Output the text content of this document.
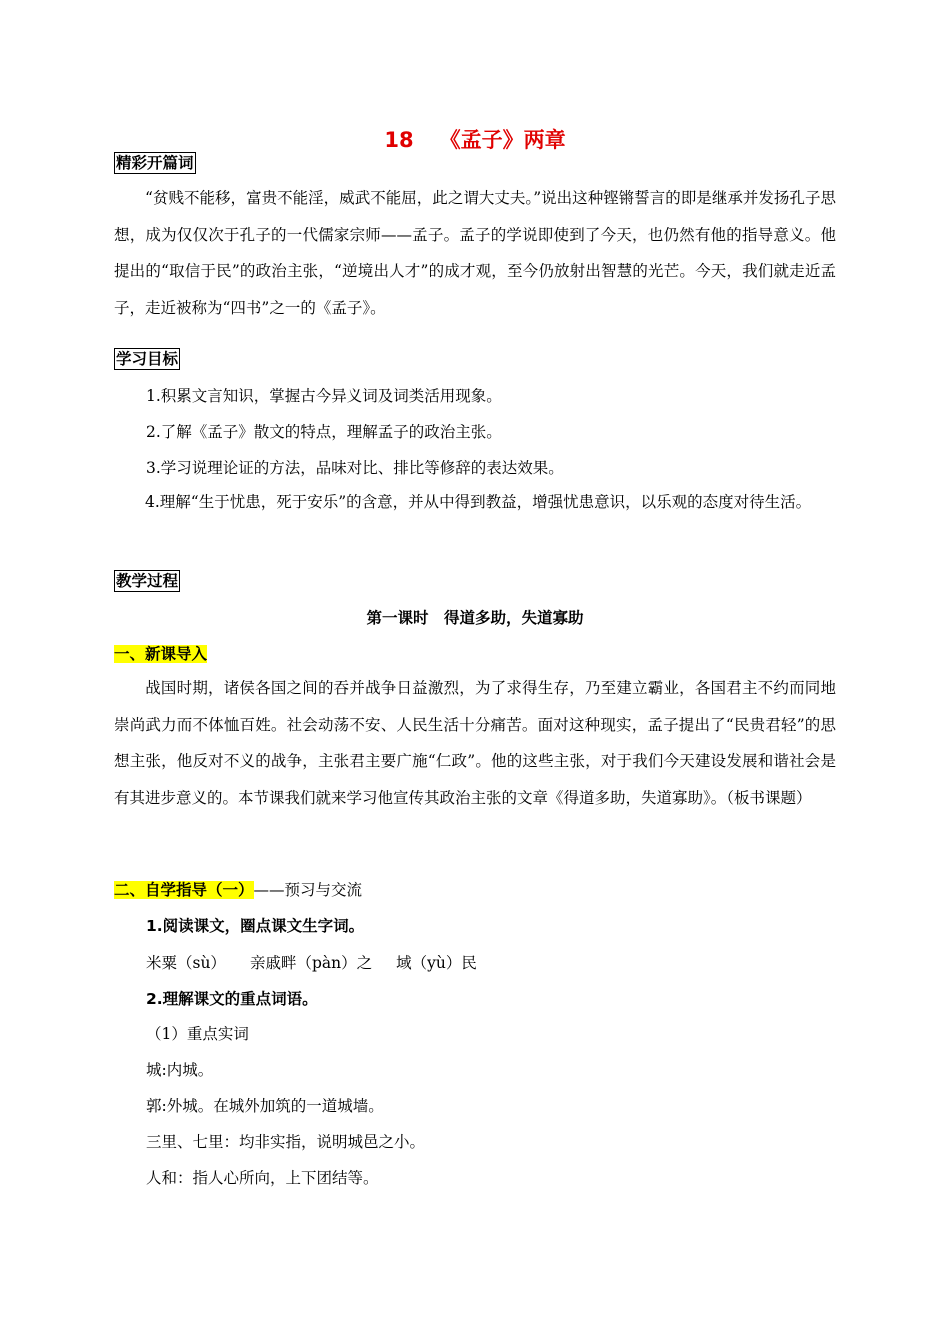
18 《孟子》两章
精彩开篇词

“贫贱不能移，富贵不能淫，威武不能屈，此之谓大丈夫。”说出这种铿锵誓言的即是继承并发扬孔子思想，成为仅仅次于孔子的一代儒家宗师——孟子。孟子的学说即使到了今天，也仍然有他的指导意义。他提出的“取信于民”的政治主张，“逆境出人才”的成才观，至今仍放射出智慧的光芒。今天，我们就走近孟子，走近被称为“四书”之一的《孟子》。

学习目标
1.积累文言知识，掌握古今异义词及词类活用现象。
2.了解《孟子》散文的特点，理解孟子的政治主张。
3.学习说理论证的方法，品味对比、排比等修辞的表达效果。

4.理解“生于忧患，死于安乐”的含意，并从中得到教益，增强忧患意识，以乐观的态度对待生活。

教学过程
第一课时　得道多助，失道寡助
一、新课导入

战国时期，诸侯各国之间的吞并战争日益激烈，为了求得生存，乃至建立霸业，各国君主不约而同地崇尚武力而不体恤百姓。社会动荡不安、人民生活十分痛苦。面对这种现实，孟子提出了“民贵君轻”的思想主张，他反对不义的战争，主张君主要广施“仁政”。他的这些主张，对于我们今天建设发展和谐社会是有其进步意义的。本节课我们就来学习他宣传其政治主张的文章《得道多助，失道寡助》。（板书课题）

二、自学指导（一）——预习与交流
1.阅读课文，圈点课文生字词。
米粟（sù） 亲戚畔（pàn）之 域（yù）民
2.理解课文的重点词语。
（1）重点实词
城:内城。
郭:外城。在城外加筑的一道城墙。
三里、七里：均非实指，说明城邑之小。
人和：指人心所向，上下团结等。
